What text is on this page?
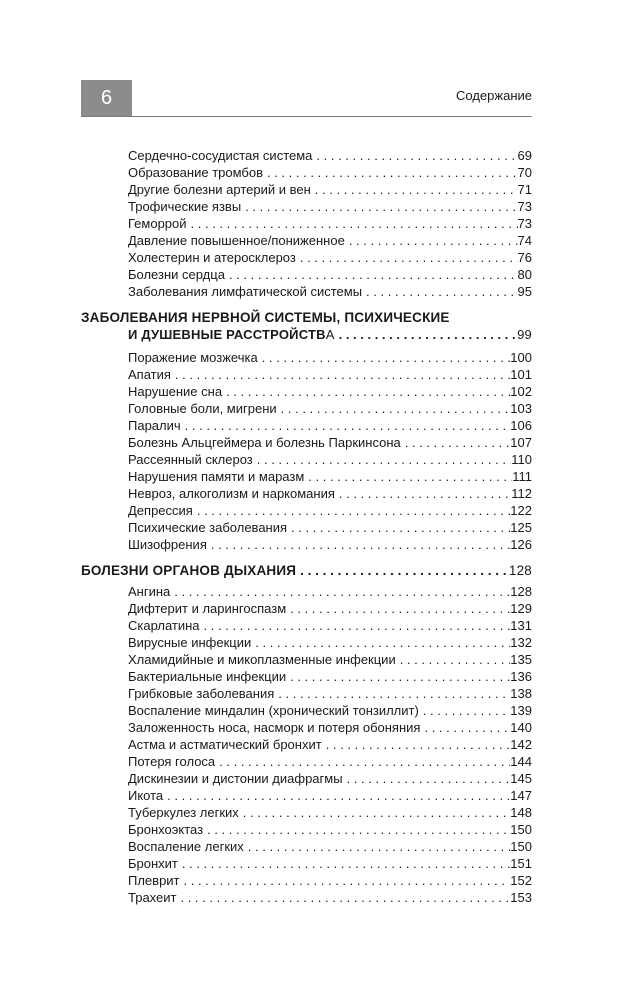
6	Содержание
Сердечно-сосудистая система . . .	69
Образование тромбов . . .	70
Другие болезни артерий и вен . . .	71
Трофические язвы . . .	73
Геморрой . . .	73
Давление повышенное/пониженное . . .	74
Холестерин и атеросклероз . . .	76
Болезни сердца . . .	80
Заболевания лимфатической системы . . .	95
ЗАБОЛЕВАНИЯ НЕРВНОЙ СИСТЕМЫ, ПСИХИЧЕСКИЕ
И ДУШЕВНЫЕ РАССТРОЙСТВА . . .	99
Поражение мозжечка . . .	100
Апатия . . .	101
Нарушение сна . . .	102
Головные боли, мигрени . . .	103
Паралич . . .	106
Болезнь Альцгеймера и болезнь Паркинсона . . .	107
Рассеянный склероз . . .	110
Нарушения памяти и маразм . . .	111
Невроз, алкоголизм и наркомания . . .	112
Депрессия . . .	122
Психические заболевания . . .	125
Шизофрения . . .	126
БОЛЕЗНИ ОРГАНОВ ДЫХАНИЯ . . .	128
Ангина . . .	128
Дифтерит и ларингоспазм . . .	129
Скарлатина . . .	131
Вирусные инфекции . . .	132
Хламидийные и микоплазменные инфекции . . .	135
Бактериальные инфекции . . .	136
Грибковые заболевания . . .	138
Воспаление миндалин (хронический тонзиллит) . . .	139
Заложенность носа, насморк и потеря обоняния . . .	140
Астма и астматический бронхит . . .	142
Потеря голоса . . .	144
Дискинезии и дистонии диафрагмы . . .	145
Икота . . .	147
Туберкулез легких . . .	148
Бронхоэктаз . . .	150
Воспаление легких . . .	150
Бронхит . . .	151
Плеврит . . .	152
Трахеит . . .	153
